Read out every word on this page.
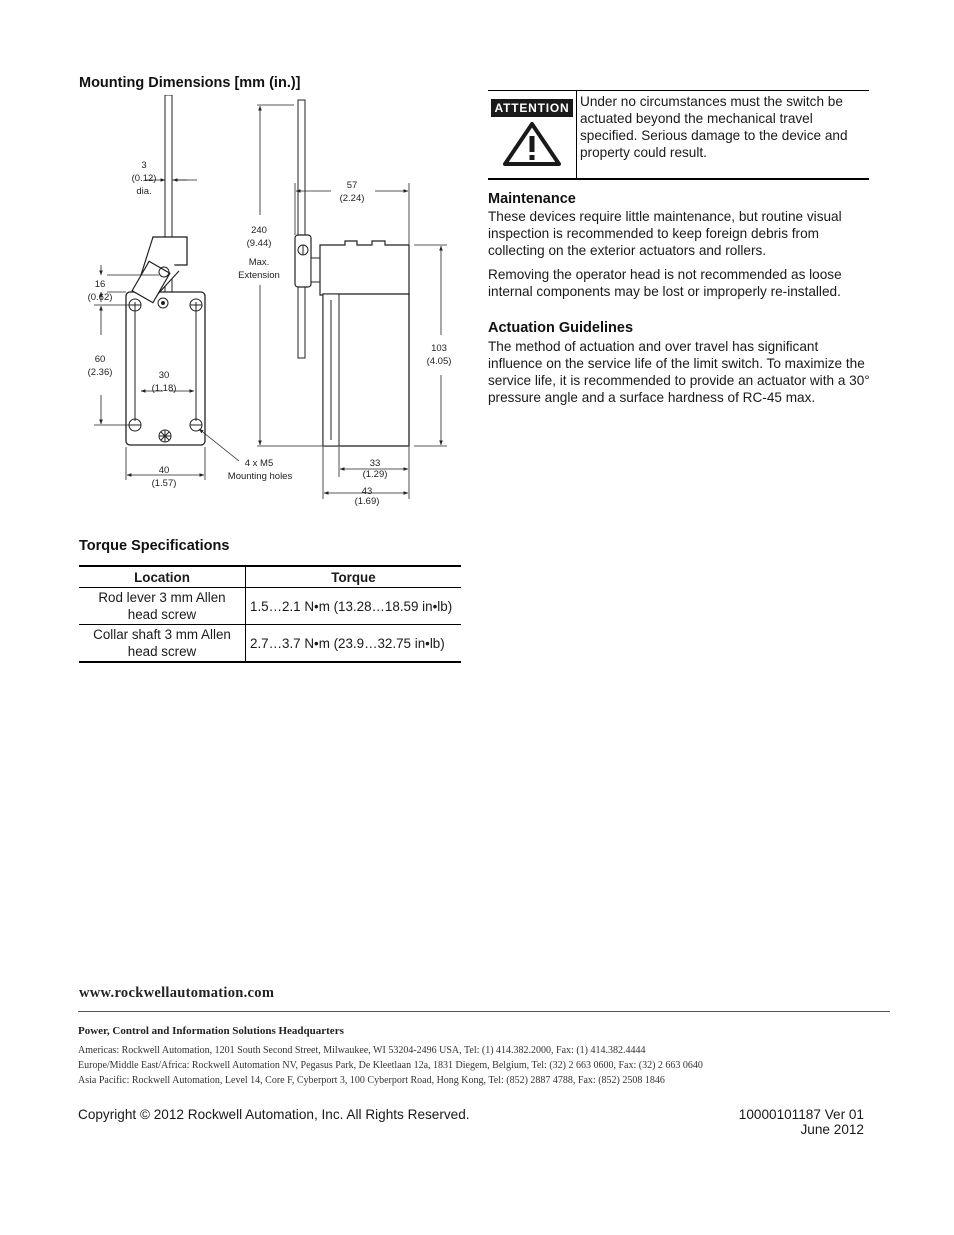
Mounting Dimensions [mm (in.)]
3
(0.12)
dia.
16
(0.62)
60
(2.36)	30
(1.18)
40
(1.57)
4 x M5
Mounting holes
240
(9.44)
Max.
Extension
57
(2.24)
103
(4.05)
33
(1.29)
43
(1.69)
Torque Specifications
Location	Torque
Rod lever 3 mm Allen
head screw	1.5…2.1 N•m (13.28…18.59 in•lb)
Collar shaft 3 mm Allen
head screw	2.7…3.7 N•m (23.9…32.75 in•lb)
ATTENTION Under no circumstances must the switch be actuated beyond the mechanical travel specified. Serious damage to the device and property could result.
Maintenance

These devices require little maintenance, but routine visual inspection is recommended to keep foreign debris from collecting on the exterior actuators and rollers.

Removing the operator head is not recommended as loose internal components may be lost or improperly re-installed.

Actuation Guidelines

The method of actuation and over travel has significant influence on the service life of the limit switch. To maximize the service life, it is recommended to provide an actuator with a 30° pressure angle and a surface hardness of RC-45 max.

www.rockwellautomation.com
Power, Control and Information Solutions Headquarters
Americas: Rockwell Automation, 1201 South Second Street, Milwaukee, WI 53204-2496 USA, Tel: (1) 414.382.2000, Fax: (1) 414.382.4444
Europe/Middle East/Africa: Rockwell Automation NV, Pegasus Park, De Kleetlaan 12a, 1831 Diegem, Belgium, Tel: (32) 2 663 0600, Fax: (32) 2 663 0640
Asia Pacific: Rockwell Automation, Level 14, Core F, Cyberport 3, 100 Cyberport Road, Hong Kong, Tel: (852) 2887 4788, Fax: (852) 2508 1846
Copyright © 2012 Rockwell Automation, Inc. All Rights Reserved.	10000101187 Ver 01
June 2012
